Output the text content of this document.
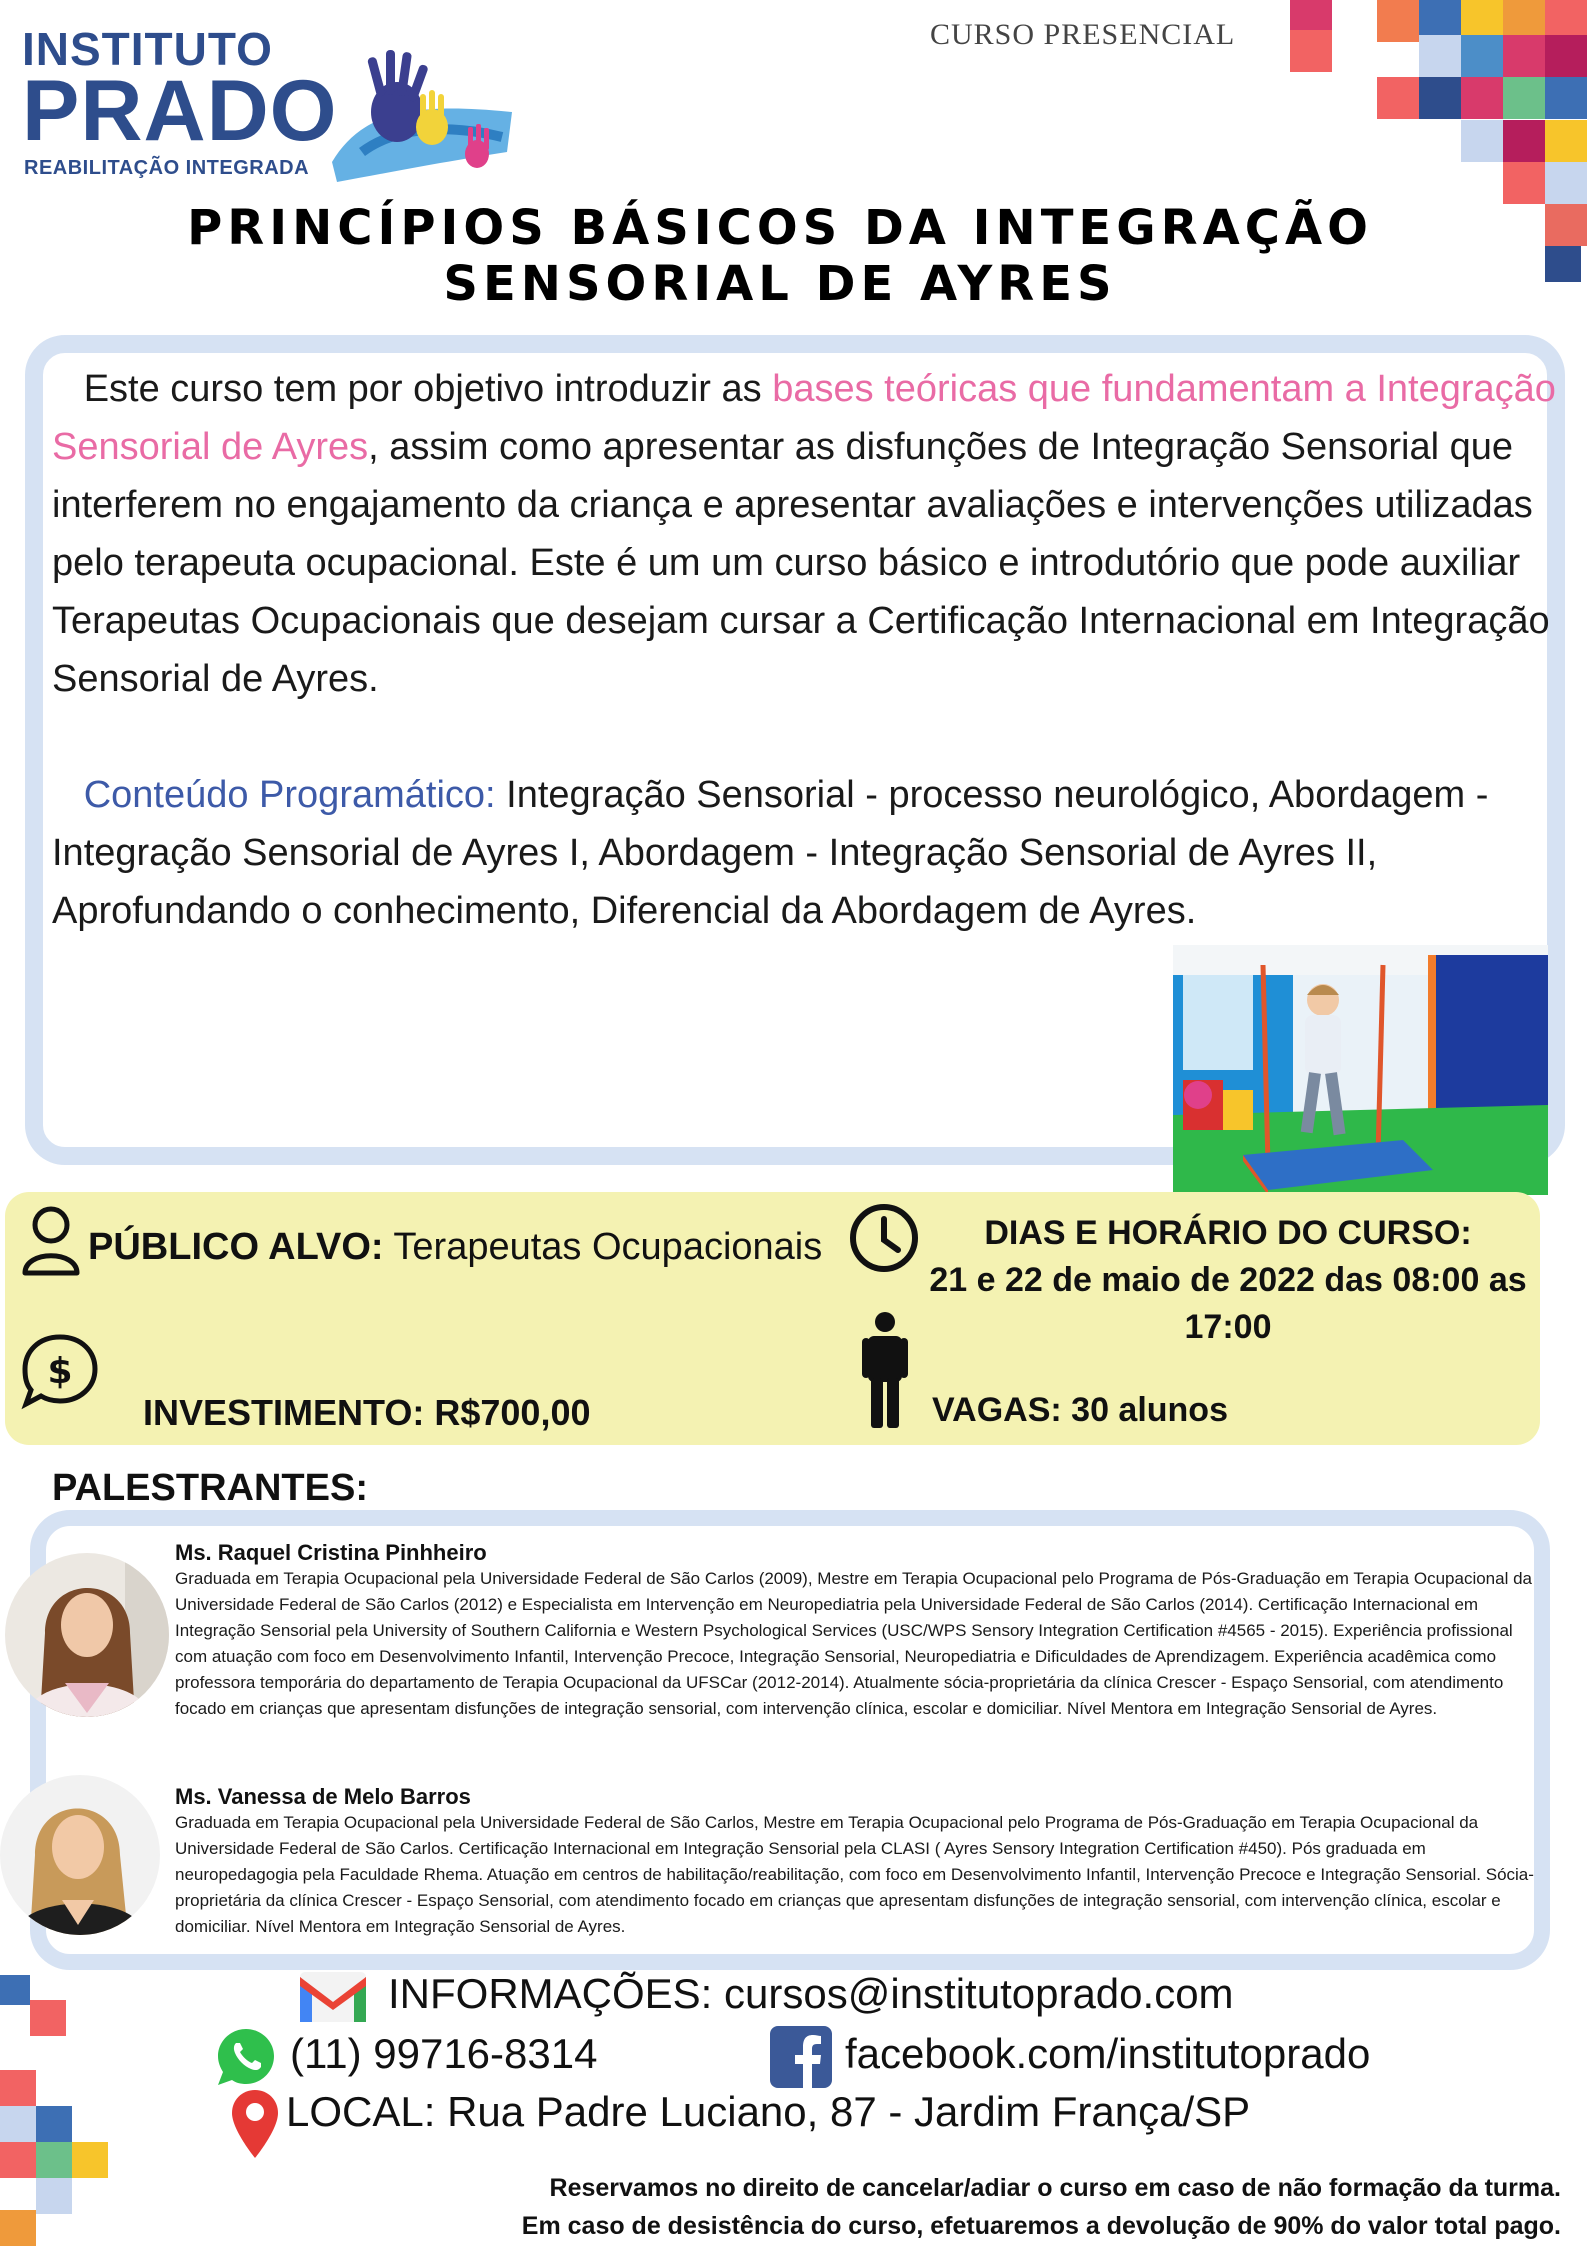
INSTITUTO
PRADO
REABILITAÇÃO INTEGRADA
CURSO PRESENCIAL
PRINCÍPIOS BÁSICOS DA INTEGRAÇÃO SENSORIAL DE AYRES
Este curso tem por objetivo introduzir as bases teóricas que fundamentam a Integração Sensorial de Ayres, assim como apresentar as disfunções de Integração Sensorial que interferem no engajamento da criança e apresentar avaliações e intervenções utilizadas pelo terapeuta ocupacional. Este é um um curso básico e introdutório que pode auxiliar Terapeutas Ocupacionais que desejam cursar a Certificação Internacional em Integração Sensorial de Ayres.
Conteúdo Programático: Integração Sensorial - processo neurológico, Abordagem - Integração Sensorial de Ayres I, Abordagem - Integração Sensorial de Ayres II, Aprofundando o conhecimento, Diferencial da Abordagem de Ayres.
PÚBLICO ALVO: Terapeutas Ocupacionais	DIAS E HORÁRIO DO CURSO:
21 e 22 de maio de 2022 das 08:00 as 17:00
$
INVESTIMENTO: R$700,00	VAGAS: 30 alunos
PALESTRANTES:
Ms. Raquel Cristina Pinhheiro
Graduada em Terapia Ocupacional pela Universidade Federal de São Carlos (2009), Mestre em Terapia Ocupacional pelo Programa de Pós-Graduação em Terapia Ocupacional da Universidade Federal de São Carlos (2012) e Especialista em Intervenção em Neuropediatria pela Universidade Federal de São Carlos (2014). Certificação Internacional em Integração Sensorial pela University of Southern California e Western Psychological Services (USC/WPS Sensory Integration Certification #4565 - 2015). Experiência profissional com atuação com foco em Desenvolvimento Infantil, Intervenção Precoce, Integração Sensorial, Neuropediatria e Dificuldades de Aprendizagem. Experiência acadêmica como professora temporária do departamento de Terapia Ocupacional da UFSCar (2012-2014). Atualmente sócia-proprietária da clínica Crescer - Espaço Sensorial, com atendimento focado em crianças que apresentam disfunções de integração sensorial, com intervenção clínica, escolar e domiciliar. Nível Mentora em Integração Sensorial de Ayres.
Ms. Vanessa de Melo Barros
Graduada em Terapia Ocupacional pela Universidade Federal de São Carlos, Mestre em Terapia Ocupacional pelo Programa de Pós-Graduação em Terapia Ocupacional da Universidade Federal de São Carlos. Certificação Internacional em Integração Sensorial pela CLASI ( Ayres Sensory Integration Certification #450). Pós graduada em neuropedagogia pela Faculdade Rhema. Atuação em centros de habilitação/reabilitação, com foco em Desenvolvimento Infantil, Intervenção Precoce e Integração Sensorial. Sócia-proprietária da clínica Crescer - Espaço Sensorial, com atendimento focado em crianças que apresentam disfunções de integração sensorial, com intervenção clínica, escolar e domiciliar. Nível Mentora em Integração Sensorial de Ayres.
INFORMAÇÕES: cursos@institutoprado.com
(11) 99716-8314	facebook.com/institutoprado
LOCAL: Rua Padre Luciano, 87 - Jardim França/SP
Reservamos no direito de cancelar/adiar o curso em caso de não formação da turma.
Em caso de desistência do curso, efetuaremos a devolução de 90% do valor total pago.
